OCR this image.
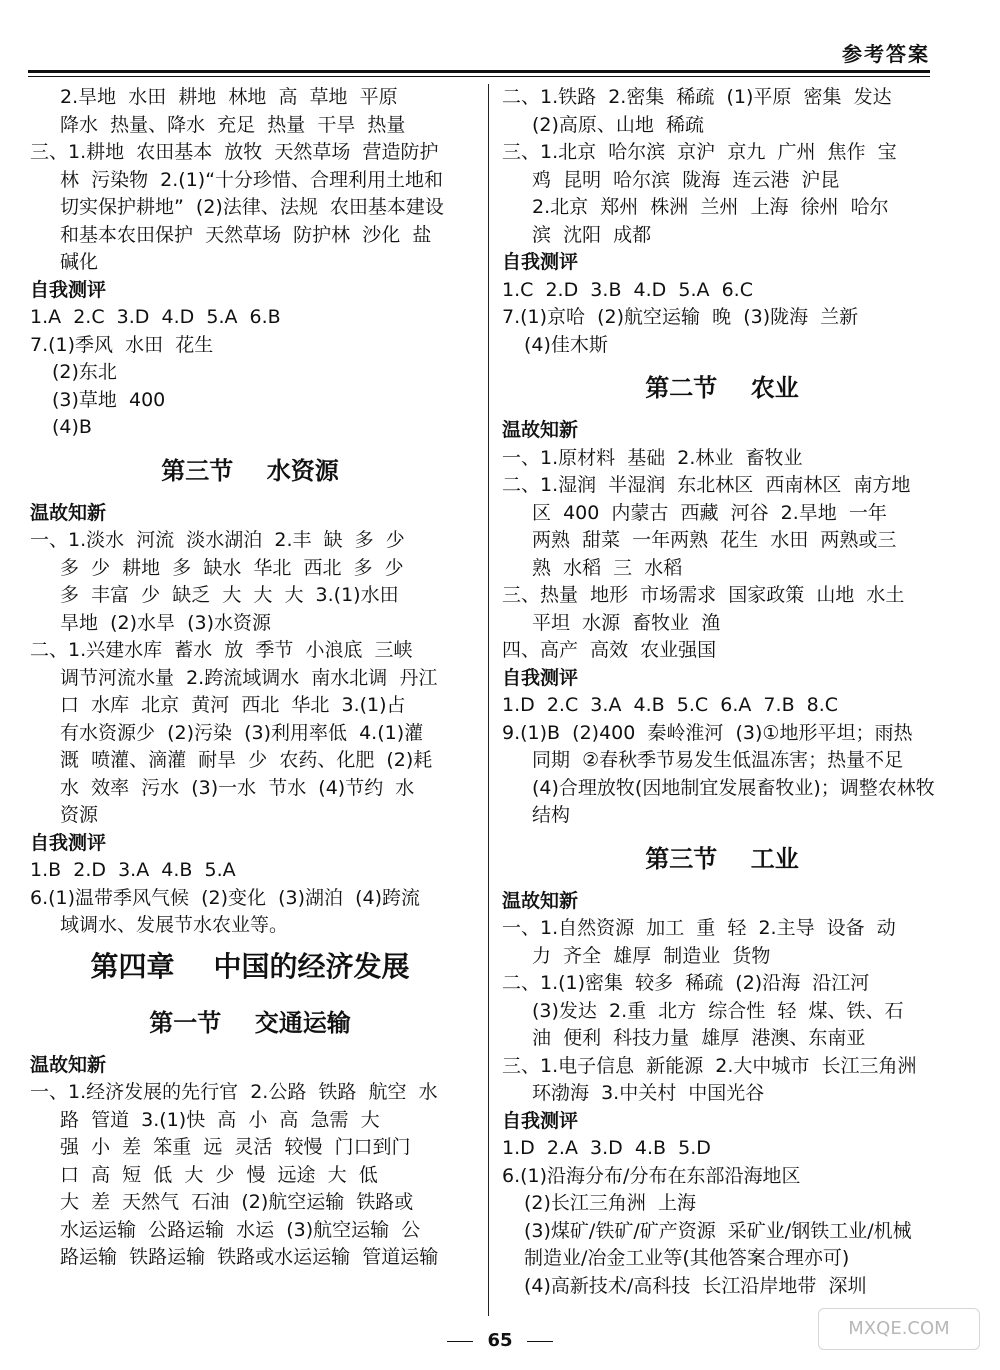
参考答案
2.旱地  水田  耕地  林地  高  草地  平原
降水  热量、降水  充足  热量  干旱  热量
三、1.耕地  农田基本  放牧  天然草场  营造防护
林  污染物  2.(1)“十分珍惜、合理利用土地和
切实保护耕地”  (2)法律、法规  农田基本建设
和基本农田保护  天然草场  防护林  沙化  盐
碱化
自我测评
1.A  2.C  3.D  4.D  5.A  6.B
7.(1)季风  水田  花生
(2)东北
(3)草地  400
(4)B
第三节    水资源
温故知新
一、1.淡水  河流  淡水湖泊  2.丰  缺  多  少
多  少  耕地  多  缺水  华北  西北  多  少
多  丰富  少  缺乏  大  大  大  3.(1)水田
旱地  (2)水旱  (3)水资源
二、1.兴建水库  蓄水  放  季节  小浪底  三峡
调节河流水量  2.跨流域调水  南水北调  丹江
口  水库  北京  黄河  西北  华北  3.(1)占
有水资源少  (2)污染  (3)利用率低  4.(1)灌
溉  喷灌、滴灌  耐旱  少  农药、化肥  (2)耗
水  效率  污水  (3)一水  节水  (4)节约  水
资源
自我测评
1.B  2.D  3.A  4.B  5.A
6.(1)温带季风气候  (2)变化  (3)湖泊  (4)跨流
域调水、发展节水农业等。
第四章    中国的经济发展
第一节    交通运输
温故知新
一、1.经济发展的先行官  2.公路  铁路  航空  水
路  管道  3.(1)快  高  小  高  急需  大
强  小  差  笨重  远  灵活  较慢  门口到门
口  高  短  低  大  少  慢  远途  大  低
大  差  天然气  石油  (2)航空运输  铁路或
水运运输  公路运输  水运  (3)航空运输  公
路运输  铁路运输  铁路或水运运输  管道运输
二、1.铁路  2.密集  稀疏  (1)平原  密集  发达
(2)高原、山地  稀疏
三、1.北京  哈尔滨  京沪  京九  广州  焦作  宝
鸡  昆明  哈尔滨  陇海  连云港  沪昆
2.北京  郑州  株洲  兰州  上海  徐州  哈尔
滨  沈阳  成都
自我测评
1.C  2.D  3.B  4.D  5.A  6.C
7.(1)京哈  (2)航空运输  晚  (3)陇海  兰新
(4)佳木斯
第二节    农业
温故知新
一、1.原材料  基础  2.林业  畜牧业
二、1.湿润  半湿润  东北林区  西南林区  南方地
区  400  内蒙古  西藏  河谷  2.旱地  一年
两熟  甜菜  一年两熟  花生  水田  两熟或三
熟  水稻  三  水稻
三、热量  地形  市场需求  国家政策  山地  水土
平坦  水源  畜牧业  渔
四、高产  高效  农业强国
自我测评
1.D  2.C  3.A  4.B  5.C  6.A  7.B  8.C
9.(1)B  (2)400  秦岭淮河  (3)①地形平坦；雨热
同期  ②春秋季节易发生低温冻害；热量不足
(4)合理放牧(因地制宜发展畜牧业)；调整农林牧
结构
第三节    工业
温故知新
一、1.自然资源  加工  重  轻  2.主导  设备  动
力  齐全  雄厚  制造业  货物
二、1.(1)密集  较多  稀疏  (2)沿海  沿江河
(3)发达  2.重  北方  综合性  轻  煤、铁、石
油  便利  科技力量  雄厚  港澳、东南亚
三、1.电子信息  新能源  2.大中城市  长江三角洲
环渤海  3.中关村  中国光谷
自我测评
1.D  2.A  3.D  4.B  5.D
6.(1)沿海分布/分布在东部沿海地区
(2)长江三角洲  上海
(3)煤矿/铁矿/矿产资源  采矿业/钢铁工业/机械
制造业/冶金工业等(其他答案合理亦可)
(4)高新技术/高科技  长江沿岸地带  深圳
65
MXQE.COM
